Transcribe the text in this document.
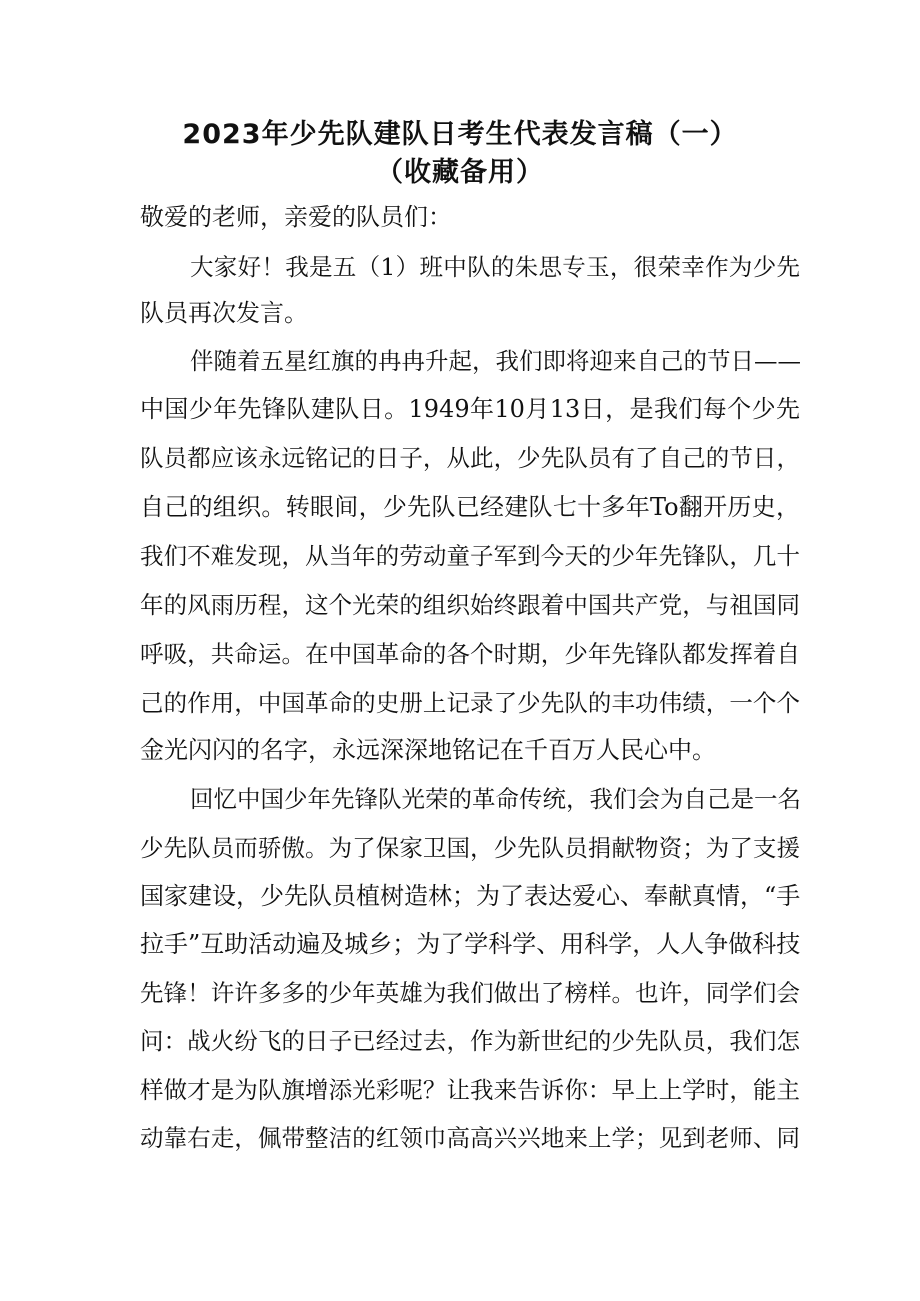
2023年少先队建队日考生代表发言稿（一）
（收藏备用）
敬爱的老师，亲爱的队员们：
大家好！我是五（1）班中队的朱思专玉，很荣幸作为少先
队员再次发言。
伴随着五星红旗的冉冉升起，我们即将迎来自己的节日——
中国少年先锋队建队日。1949年10月13日，是我们每个少先
队员都应该永远铭记的日子，从此，少先队员有了自己的节日，
自己的组织。转眼间，少先队已经建队七十多年To翻开历史，
我们不难发现，从当年的劳动童子军到今天的少年先锋队，几十
年的风雨历程，这个光荣的组织始终跟着中国共产党，与祖国同
呼吸，共命运。在中国革命的各个时期，少年先锋队都发挥着自
己的作用，中国革命的史册上记录了少先队的丰功伟绩，一个个
金光闪闪的名字，永远深深地铭记在千百万人民心中。
回忆中国少年先锋队光荣的革命传统，我们会为自己是一名
少先队员而骄傲。为了保家卫国，少先队员捐献物资；为了支援
国家建设，少先队员植树造林；为了表达爱心、奉献真情，“手
拉手”互助活动遍及城乡；为了学科学、用科学，人人争做科技
先锋！许许多多的少年英雄为我们做出了榜样。也许，同学们会
问：战火纷飞的日子已经过去，作为新世纪的少先队员，我们怎
样做才是为队旗增添光彩呢？让我来告诉你：早上上学时，能主
动靠右走，佩带整洁的红领巾高高兴兴地来上学；见到老师、同
